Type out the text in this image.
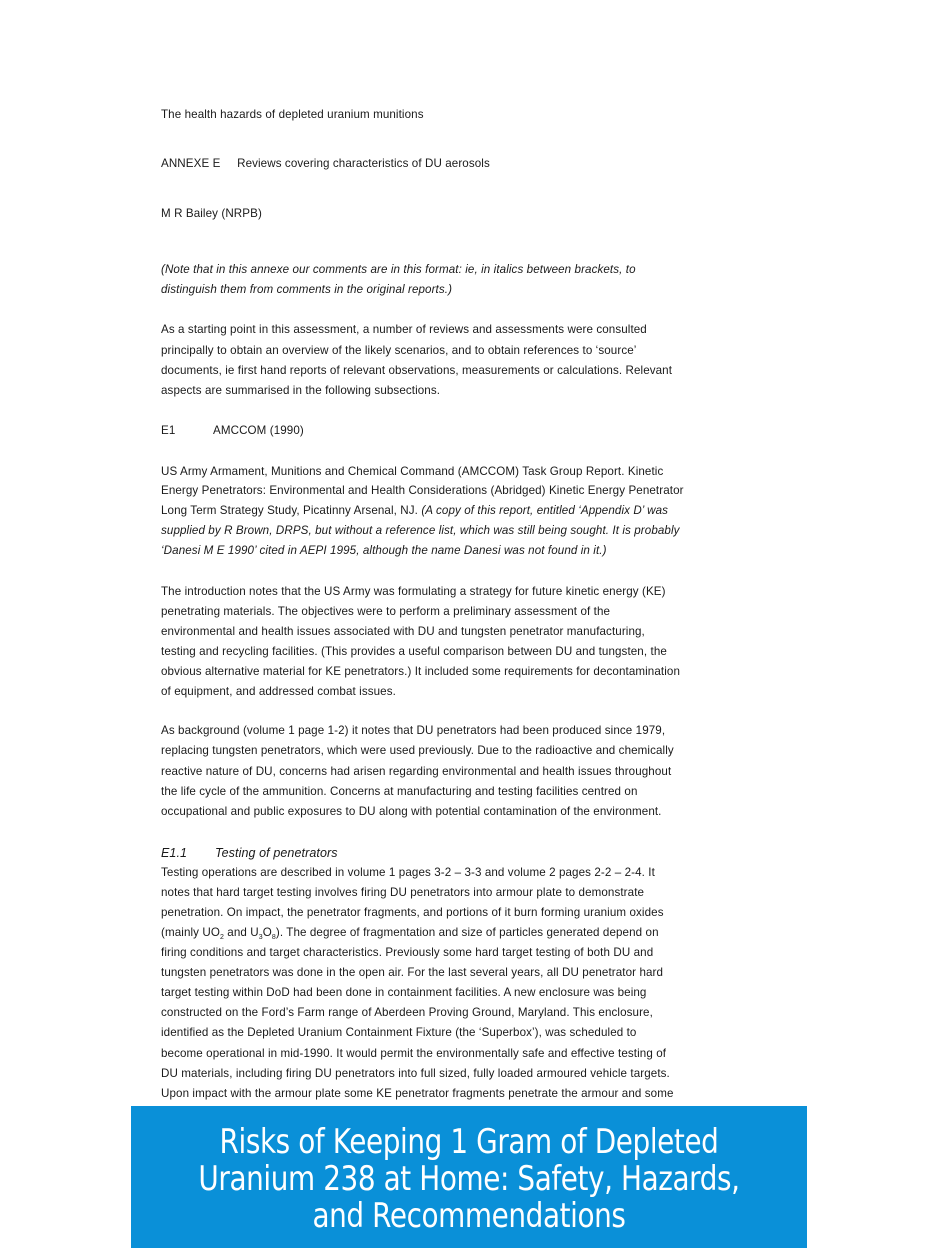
The health hazards of depleted uranium munitions
ANNEXE E Reviews covering characteristics of DU aerosols
M R Bailey (NRPB)
(Note that in this annexe our comments are in this format: ie, in italics between brackets, to
distinguish them from comments in the original reports.)
As a starting point in this assessment, a number of reviews and assessments were consulted
principally to obtain an overview of the likely scenarios, and to obtain references to ‘source’
documents, ie first hand reports of relevant observations, measurements or calculations. Relevant
aspects are summarised in the following subsections.
E1	AMCCOM (1990)
US Army Armament, Munitions and Chemical Command (AMCCOM) Task Group Report. Kinetic
Energy Penetrators: Environmental and Health Considerations (Abridged) Kinetic Energy Penetrator
Long Term Strategy Study, Picatinny Arsenal, NJ. (A copy of this report, entitled ‘Appendix D’ was
supplied by R Brown, DRPS, but without a reference list, which was still being sought. It is probably
‘Danesi M E 1990’ cited in AEPI 1995, although the name Danesi was not found in it.)
The introduction notes that the US Army was formulating a strategy for future kinetic energy (KE)
penetrating materials. The objectives were to perform a preliminary assessment of the
environmental and health issues associated with DU and tungsten penetrator manufacturing,
testing and recycling facilities. (This provides a useful comparison between DU and tungsten, the
obvious alternative material for KE penetrators.) It included some requirements for decontamination
of equipment, and addressed combat issues.
As background (volume 1 page 1-2) it notes that DU penetrators had been produced since 1979,
replacing tungsten penetrators, which were used previously. Due to the radioactive and chemically
reactive nature of DU, concerns had arisen regarding environmental and health issues throughout
the life cycle of the ammunition. Concerns at manufacturing and testing facilities centred on
occupational and public exposures to DU along with potential contamination of the environment.
E1.1 Testing of penetrators
Testing operations are described in volume 1 pages 3-2 – 3-3 and volume 2 pages 2-2 – 2-4. It
notes that hard target testing involves firing DU penetrators into armour plate to demonstrate
penetration. On impact, the penetrator fragments, and portions of it burn forming uranium oxides
(mainly $UO_2$ and $U_3O_8$). The degree of fragmentation and size of particles generated depend on
firing conditions and target characteristics. Previously some hard target testing of both DU and
tungsten penetrators was done in the open air. For the last several years, all DU penetrator hard
target testing within DoD had been done in containment facilities. A new enclosure was being
constructed on the Ford’s Farm range of Aberdeen Proving Ground, Maryland. This enclosure,
identified as the Depleted Uranium Containment Fixture (the ‘Superbox’), was scheduled to
become operational in mid-1990. It would permit the environmentally safe and effective testing of
DU materials, including firing DU penetrators into full sized, fully loaded armoured vehicle targets.
Upon impact with the armour plate some KE penetrator fragments penetrate the armour and some
Risks of Keeping 1 Gram of Depleted
Uranium 238 at Home: Safety, Hazards,
and Recommendations
